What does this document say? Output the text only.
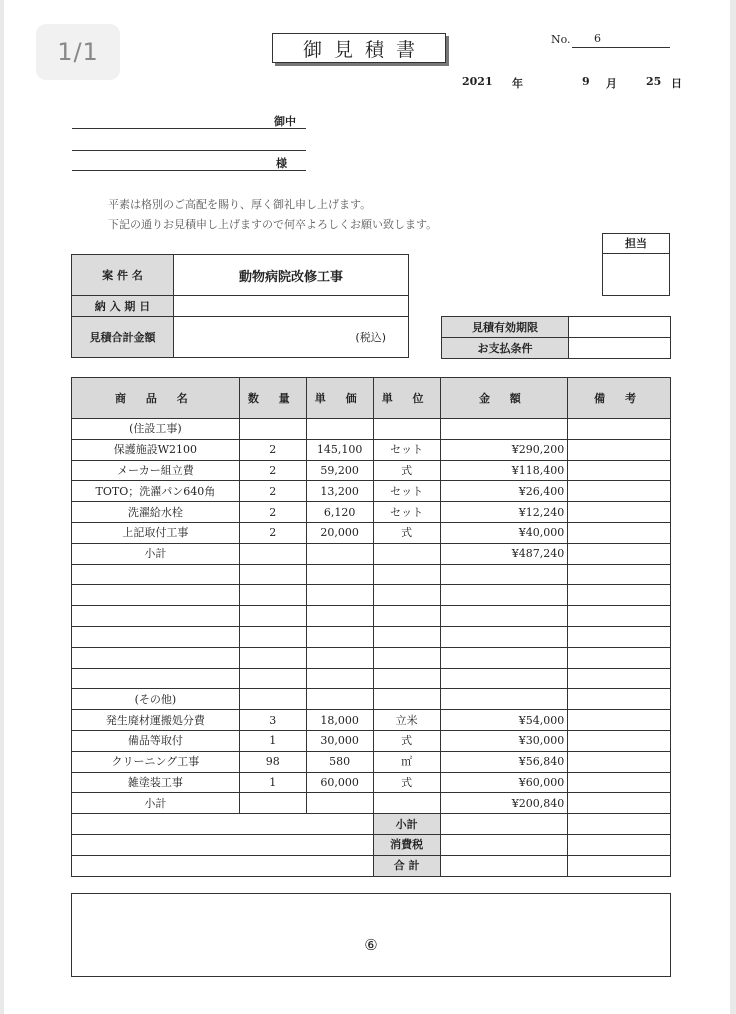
御見積書	No.	6
2021 年	9 月	25 日
御中
様
平素は格別のご高配を賜り、厚く御礼申し上げます。
下記の通りお見積申し上げますので何卒よろしくお願い致します。
担当
案 件 名	動物病院改修工事
納 入 期 日	
見積合計金額	(税込)
見積有効期限	
お支払条件	
商 品 名	数 量	単 価	単 位	金 額	備 考
(住設工事)					
保護施設W2100	2	145,100	セット	¥290,200	
メーカー組立費	2	59,200	式	¥118,400	
TOTO；洗濯パン640角	2	13,200	セット	¥26,400	
洗濯給水栓	2	6,120	セット	¥12,240	
上記取付工事	2	20,000	式	¥40,000	
小計				¥487,240	

(その他)					
発生廃材運搬処分費	3	18,000	立米	¥54,000	
備品等取付	1	30,000	式	¥30,000	
クリーニング工事	98	580	㎡	¥56,840	
雑塗装工事	1	60,000	式	¥60,000	
小計				¥200,840	
			小計		
			消費税		
			合 計		
⑥
1/1
